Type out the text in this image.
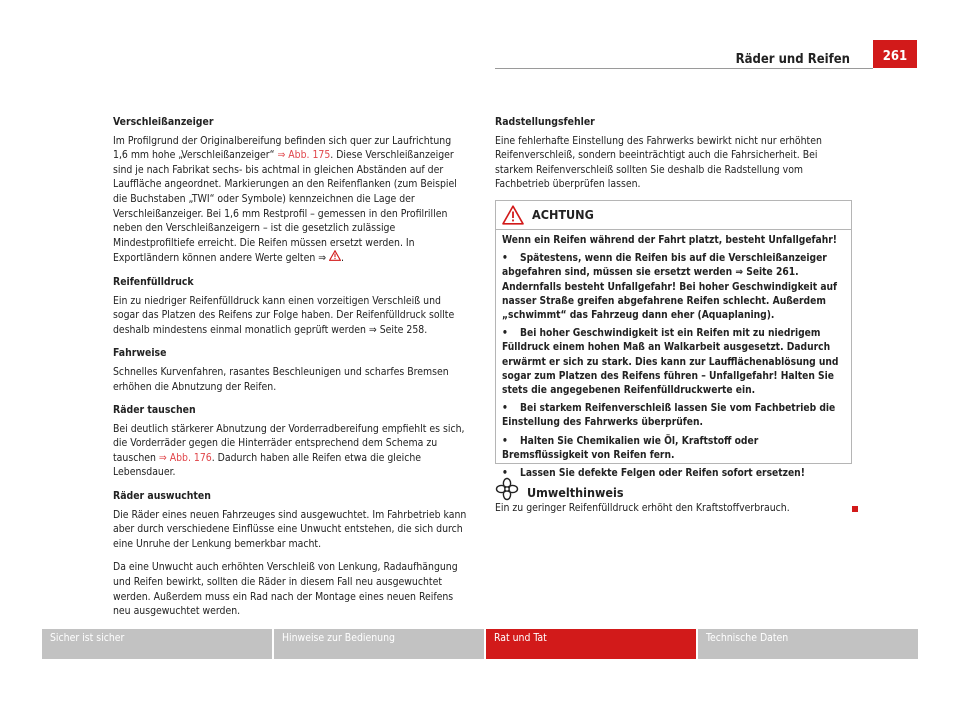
Räder und Reifen	261

Verschleißanzeiger

Im Profilgrund der Originalbereifung befinden sich quer zur Laufrichtung 1,6 mm hohe „Verschleißanzeiger“ ⇒ Abb. 175. Diese Verschleißanzeiger sind je nach Fabrikat sechs- bis achtmal in gleichen Abständen auf der Lauffläche angeordnet. Markierungen an den Reifenflanken (zum Beispiel die Buchstaben „TWI“ oder Symbole) kennzeichnen die Lage der Verschleißanzeiger. Bei 1,6 mm Restprofil – gemessen in den Profilrillen neben den Verschleißanzeigern – ist die gesetzlich zulässige Mindestprofiltiefe erreicht. Die Reifen müssen ersetzt werden. In Exportländern können andere Werte gelten ⇒ .

Reifenfülldruck

Ein zu niedriger Reifenfülldruck kann einen vorzeitigen Verschleiß und sogar das Platzen des Reifens zur Folge haben. Der Reifenfülldruck sollte deshalb mindestens einmal monatlich geprüft werden ⇒ Seite 258.

Fahrweise

Schnelles Kurvenfahren, rasantes Beschleunigen und scharfes Bremsen erhöhen die Abnutzung der Reifen.

Räder tauschen

Bei deutlich stärkerer Abnutzung der Vorderradbereifung empfiehlt es sich, die Vorderräder gegen die Hinterräder entsprechend dem Schema zu tauschen ⇒ Abb. 176. Dadurch haben alle Reifen etwa die gleiche Lebensdauer.

Räder auswuchten

Die Räder eines neuen Fahrzeuges sind ausgewuchtet. Im Fahrbetrieb kann aber durch verschiedene Einflüsse eine Unwucht entstehen, die sich durch eine Unruhe der Lenkung bemerkbar macht.

Da eine Unwucht auch erhöhten Verschleiß von Lenkung, Radaufhängung und Reifen bewirkt, sollten die Räder in diesem Fall neu ausgewuchtet werden. Außerdem muss ein Rad nach der Montage eines neuen Reifens neu ausgewuchtet werden.

Radstellungsfehler

Eine fehlerhafte Einstellung des Fahrwerks bewirkt nicht nur erhöhten Reifenverschleiß, sondern beeinträchtigt auch die Fahrsicherheit. Bei starkem Reifenverschleiß sollten Sie deshalb die Radstellung vom Fachbetrieb überprüfen lassen.

ACHTUNG

Wenn ein Reifen während der Fahrt platzt, besteht Unfallgefahr!

• Spätestens, wenn die Reifen bis auf die Verschleißanzeiger abgefahren sind, müssen sie ersetzt werden ⇒ Seite 261. Andernfalls besteht Unfallgefahr! Bei hoher Geschwindigkeit auf nasser Straße greifen abgefahrene Reifen schlecht. Außerdem „schwimmt“ das Fahrzeug dann eher (Aquaplaning).

• Bei hoher Geschwindigkeit ist ein Reifen mit zu niedrigem Fülldruck einem hohen Maß an Walkarbeit ausgesetzt. Dadurch erwärmt er sich zu stark. Dies kann zur Laufflächenablösung und sogar zum Platzen des Reifens führen – Unfallgefahr! Halten Sie stets die angegebenen Reifenfülldruckwerte ein.

• Bei starkem Reifenverschleiß lassen Sie vom Fachbetrieb die Einstellung des Fahrwerks überprüfen.

• Halten Sie Chemikalien wie Öl, Kraftstoff oder Bremsflüssigkeit von Reifen fern.

• Lassen Sie defekte Felgen oder Reifen sofort ersetzen!

Umwelthinweis
Ein zu geringer Reifenfülldruck erhöht den Kraftstoffverbrauch.
Sicher ist sicher	Hinweise zur Bedienung	Rat und Tat	Technische Daten
